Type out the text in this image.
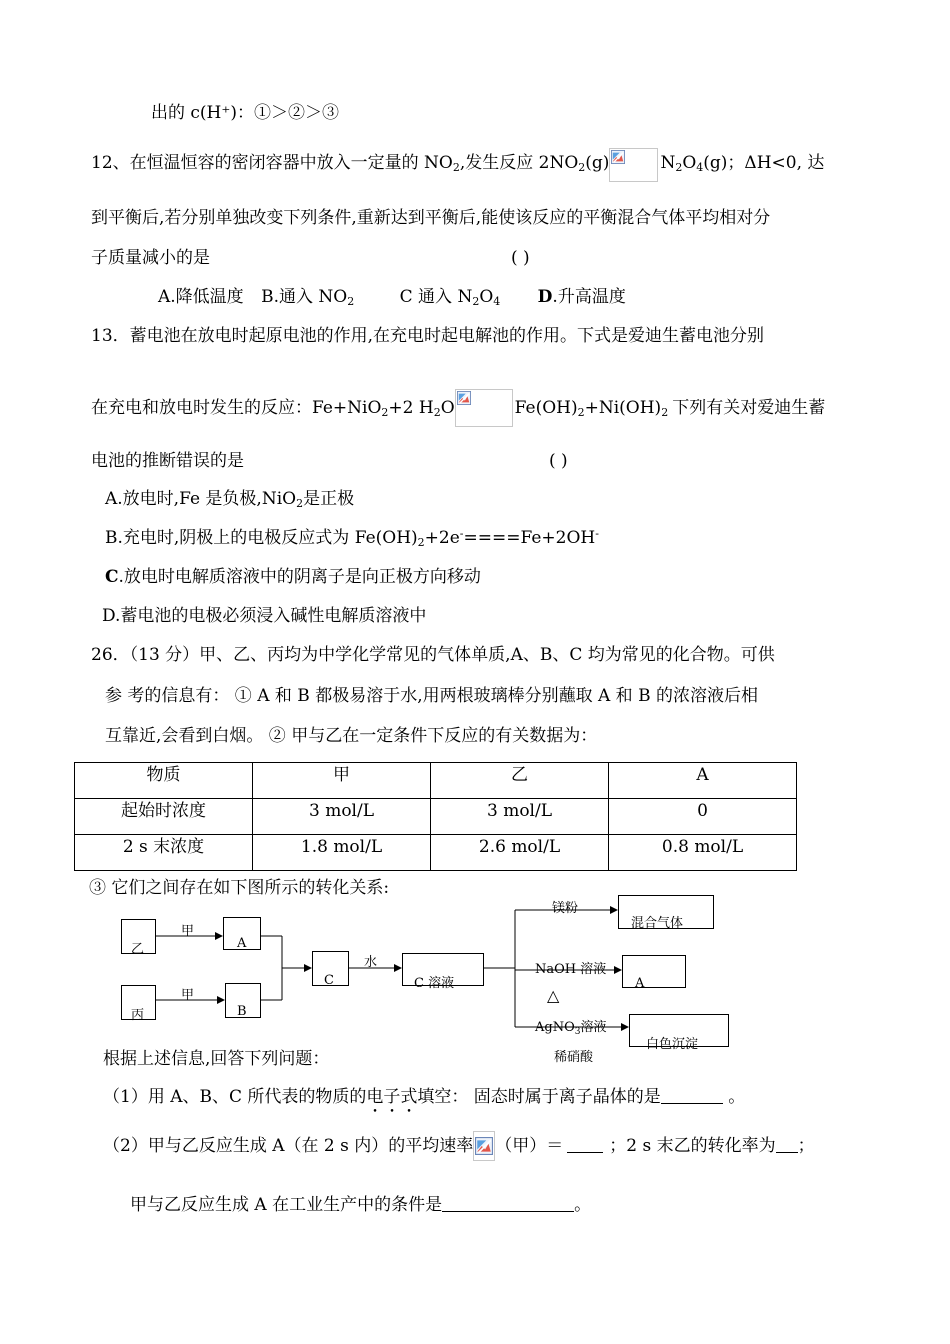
出的 c(H⁺)：①＞②＞③
12、在恒温恒容的密闭容器中放入一定量的 $NO_2$,发生反应 $2NO_2(g)$	$N_2O_4(g)$；ΔH<0, 达
到平衡后,若分别单独改变下列条件,重新达到平衡后,能使该反应的平衡混合气体平均相对分
子质量减小的是	( )
A.降低温度 B.通入 $NO_2$	C 通入 $N_2O_4$ D.升高温度
13．蓄电池在放电时起原电池的作用,在充电时起电解池的作用。下式是爱迪生蓄电池分别
在充电和放电时发生的反应：Fe+NiO$_2$+2 $H_2O$	$Fe(OH)_2+Ni(OH)_2$ 下列有关对爱迪生蓄
电池的推断错误的是	( )
A.放电时,Fe 是负极,NiO$_2$是正极
B.充电时,阴极上的电极反应式为 $Fe(OH)_2+2e^-====Fe+2OH^-$
C.放电时电解质溶液中的阴离子是向正极方向移动
D.蓄电池的电极必须浸入碱性电解质溶液中
26．（13 分）甲、乙、丙均为中学化学常见的气体单质,A、B、C 均为常见的化合物。可供
参 考的信息有： ① A 和 B 都极易溶于水,用两根玻璃棒分别蘸取 A 和 B 的浓溶液后相
互靠近,会看到白烟。 ② 甲与乙在一定条件下反应的有关数据为：
物质	甲	乙	A
起始时浓度	3 mol/L	3 mol/L	0
2 s 末浓度	1.8 mol/L	2.6 mol/L	0.8 mol/L
③ 它们之间存在如下图所示的转化关系:
乙
丙
A
B
C	C 溶液
混合气体
A
白色沉淀
甲
甲
水
镁粉
NaOH 溶液
△
AgNO$_3$溶液
稀硝酸
根据上述信息,回答下列问题：
（1）用 A、B、C 所代表的物质的电子式填空： 固态时属于离子晶体的是	。
（2）甲与乙反应生成 A（在 2 s 内）的平均速率 （甲）＝	；2 s 末乙的转化率为 ；
甲与乙反应生成 A 在工业生产中的条件是	。
